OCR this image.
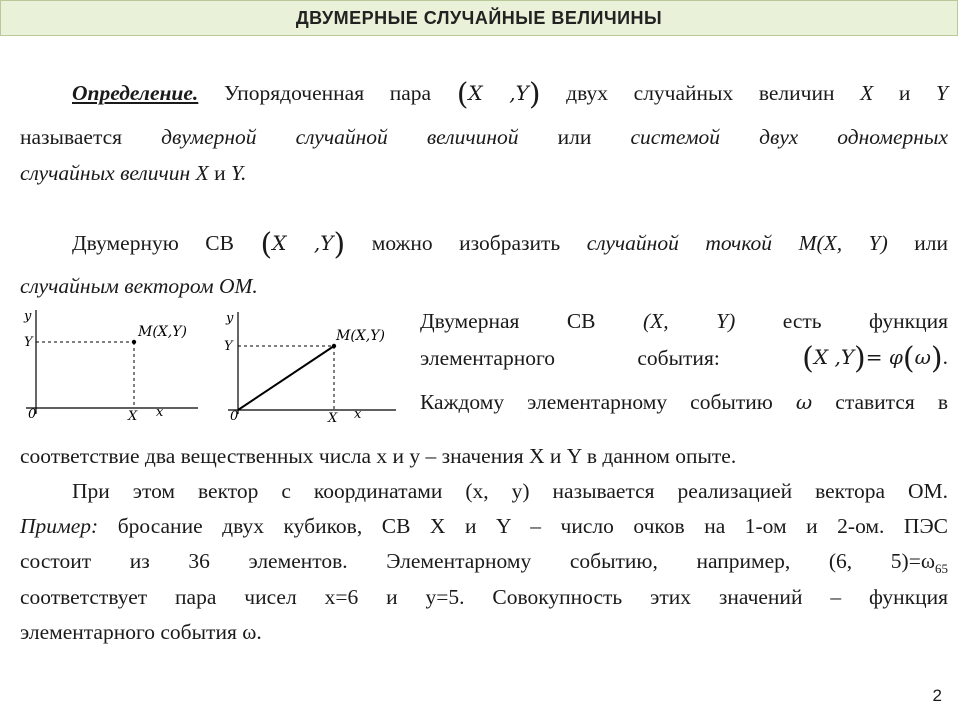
ДВУМЕРНЫЕ СЛУЧАЙНЫЕ ВЕЛИЧИНЫ
Определение. Упорядоченная пара (X ,Y) двух случайных величин X и Y
называется двумерной случайной величиной или системой двух одномерных
случайных величин X и Y.
Двумерную СВ (X ,Y) можно изобразить случайной точкой M(X, Y) или
случайным вектором OM.
y
Y
M(X,Y)
0	X x
y
Y
M(X,Y)
0	X x
Двумерная СВ (X, Y) есть функция
элементарного	события:	(X ,Y)= φ(ω).
Каждому элементарному событию ω ставится в
соответствие два вещественных числа x и y – значения X и Y в данном опыте.
При этом вектор с координатами (x, y) называется реализацией вектора OM.
Пример: бросание двух кубиков, СВ X и Y – число очков на 1-ом и 2-ом. ПЭС
состоит из 36 элементов. Элементарному событию, например, (6, $5)=\omega_{65}$
соответствует пара чисел x=6 и y=5. Совокупность этих значений – функция
элементарного события ω.
2
